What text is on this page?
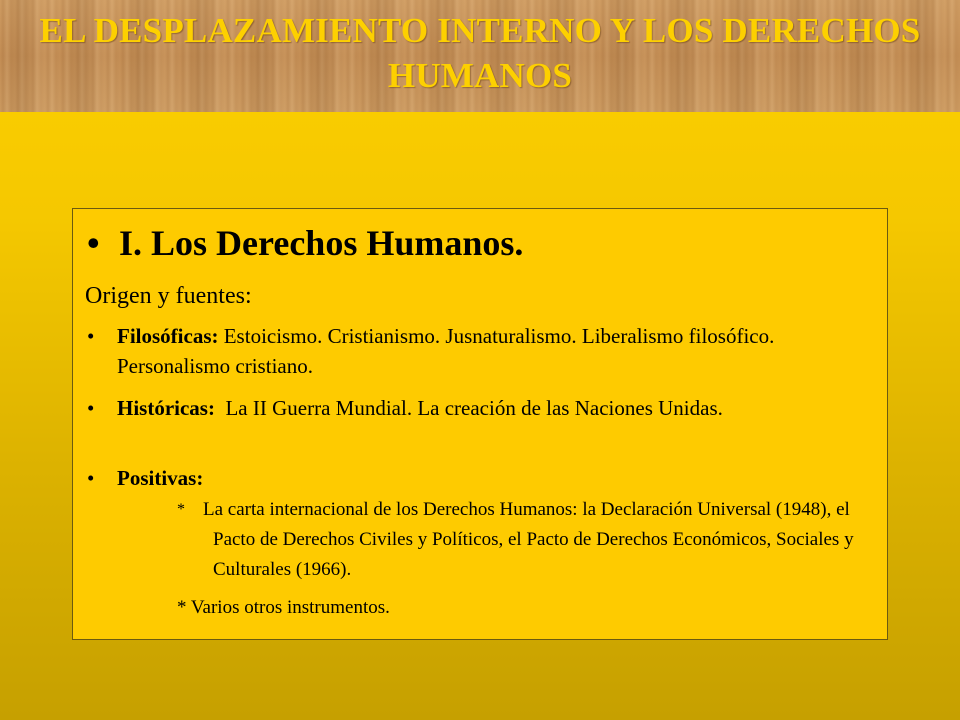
EL DESPLAZAMIENTO INTERNO Y LOS DERECHOS HUMANOS
• I. Los Derechos Humanos.
Origen y fuentes:
• Filosóficas: Estoicismo. Cristianismo. Jusnaturalismo. Liberalismo filosófico. Personalismo cristiano.
• Históricas: La II Guerra Mundial. La creación de las Naciones Unidas.
• Positivas:
* La carta internacional de los Derechos Humanos: la Declaración Universal (1948), el Pacto de Derechos Civiles y Políticos, el Pacto de Derechos Económicos, Sociales y Culturales (1966).
* Varios otros instrumentos.
